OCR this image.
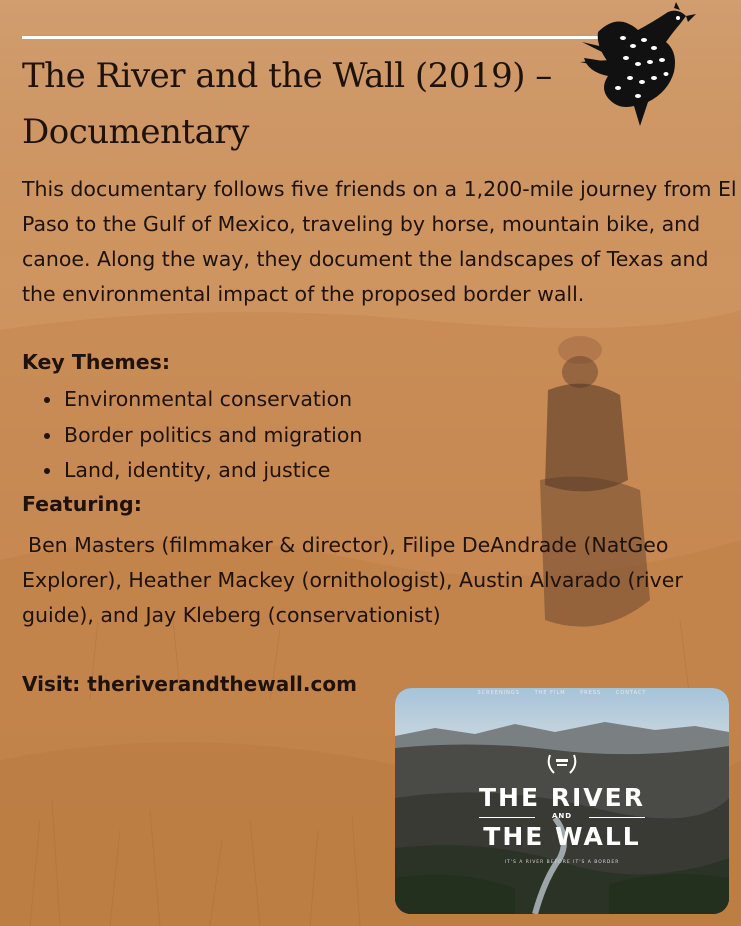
The River and the Wall (2019) – Documentary

This documentary follows five friends on a 1,200-mile journey from El Paso to the Gulf of Mexico, traveling by horse, mountain bike, and canoe. Along the way, they document the landscapes of Texas and the environmental impact of the proposed border wall.

Key Themes:
Environmental conservation
Border politics and migration
Land, identity, and justice
Featuring:

Ben Masters (filmmaker & director), Filipe DeAndrade (NatGeo Explorer), Heather Mackey (ornithologist), Austin Alvarado (river guide), and Jay Kleberg (conservationist)

Visit: theriverandthewall.com	SCREENINGS	THE FILM	PRESS	CONTACT
THE RIVER
AND
THE WALL
IT'S A RIVER BEFORE IT'S A BORDER
